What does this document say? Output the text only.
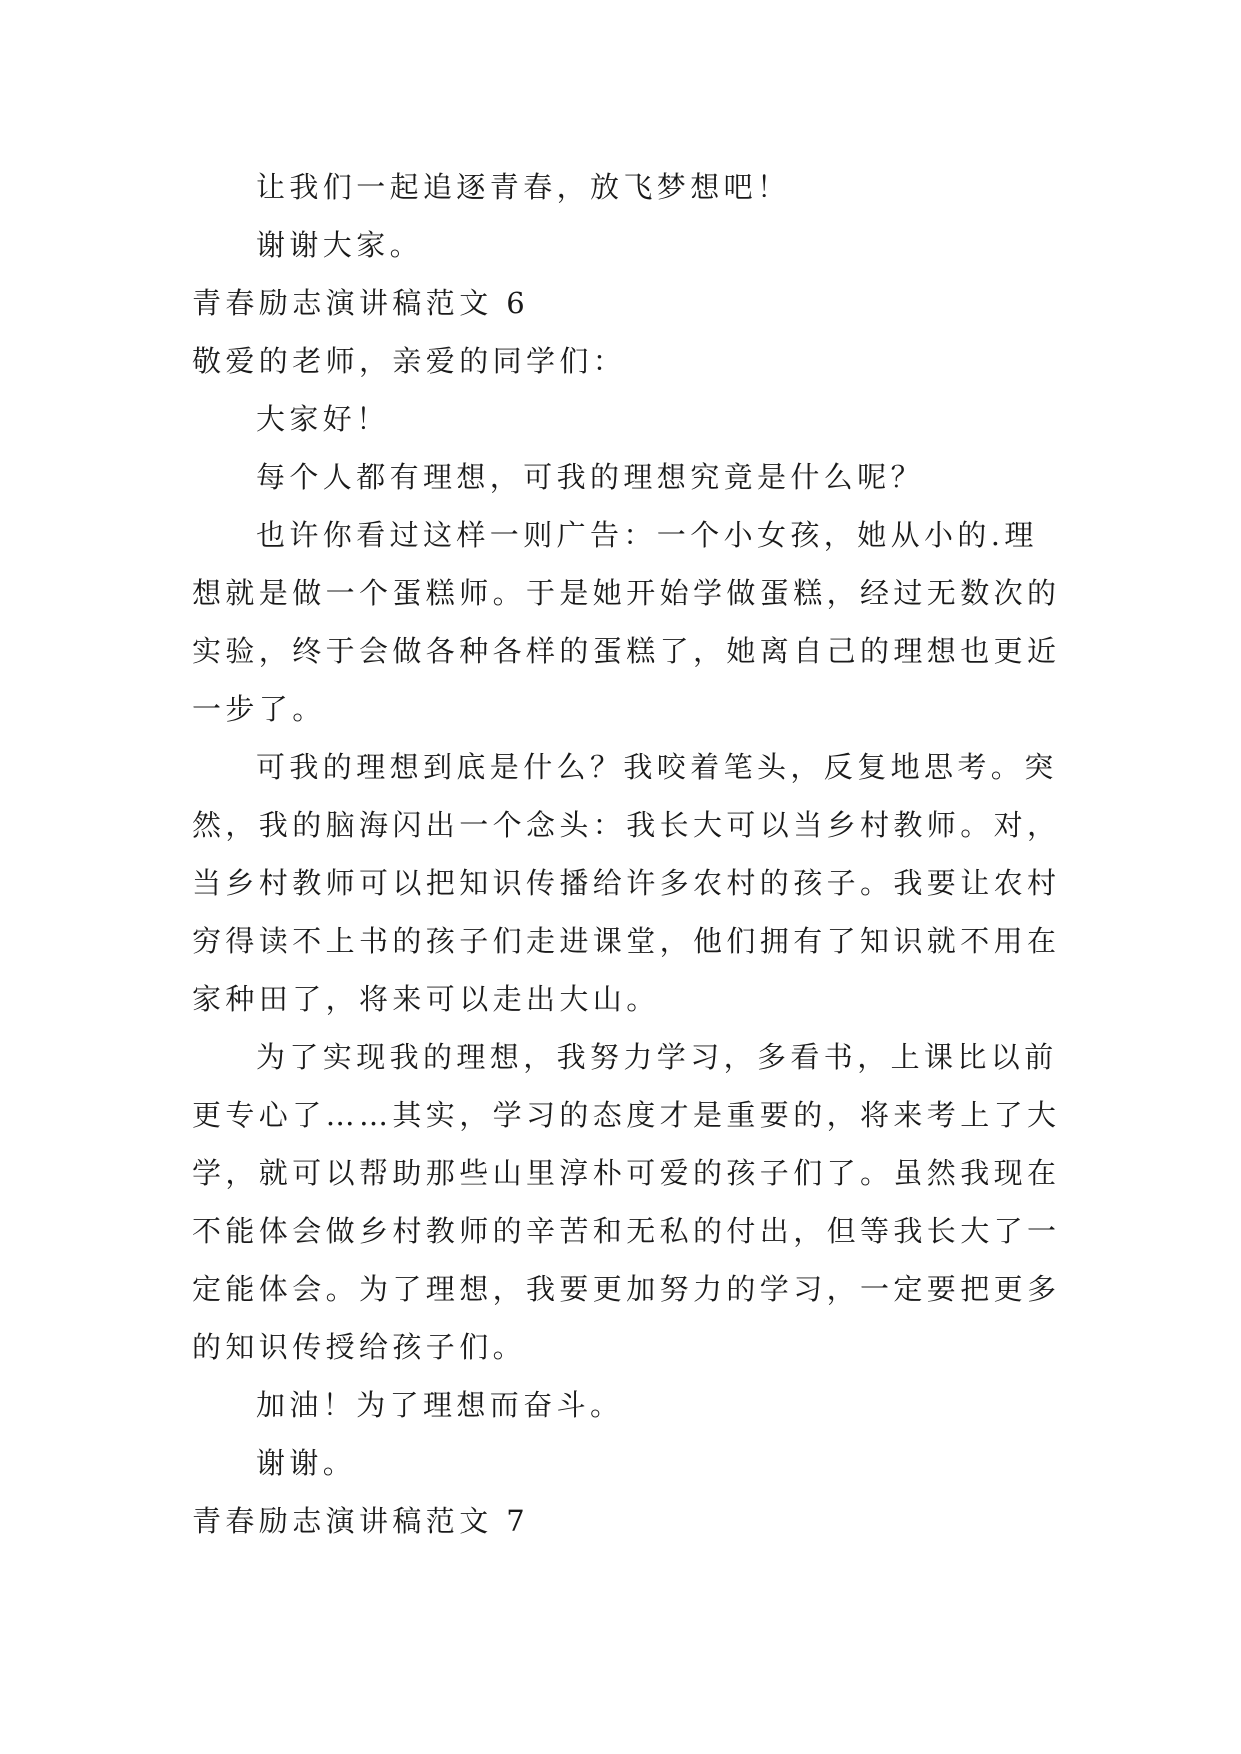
让我们一起追逐青春，放飞梦想吧！
谢谢大家。
青春励志演讲稿范文 6
敬爱的老师，亲爱的同学们：
大家好！
每个人都有理想，可我的理想究竟是什么呢？
也许你看过这样一则广告：一个小女孩，她从小的.理
想就是做一个蛋糕师。于是她开始学做蛋糕，经过无数次的
实验，终于会做各种各样的蛋糕了，她离自己的理想也更近
一步了。
可我的理想到底是什么？我咬着笔头，反复地思考。突
然，我的脑海闪出一个念头：我长大可以当乡村教师。对，
当乡村教师可以把知识传播给许多农村的孩子。我要让农村
穷得读不上书的孩子们走进课堂，他们拥有了知识就不用在
家种田了，将来可以走出大山。
为了实现我的理想，我努力学习，多看书，上课比以前
更专心了……其实，学习的态度才是重要的，将来考上了大
学，就可以帮助那些山里淳朴可爱的孩子们了。虽然我现在
不能体会做乡村教师的辛苦和无私的付出，但等我长大了一
定能体会。为了理想，我要更加努力的学习，一定要把更多
的知识传授给孩子们。
加油！为了理想而奋斗。
谢谢。
青春励志演讲稿范文 7
